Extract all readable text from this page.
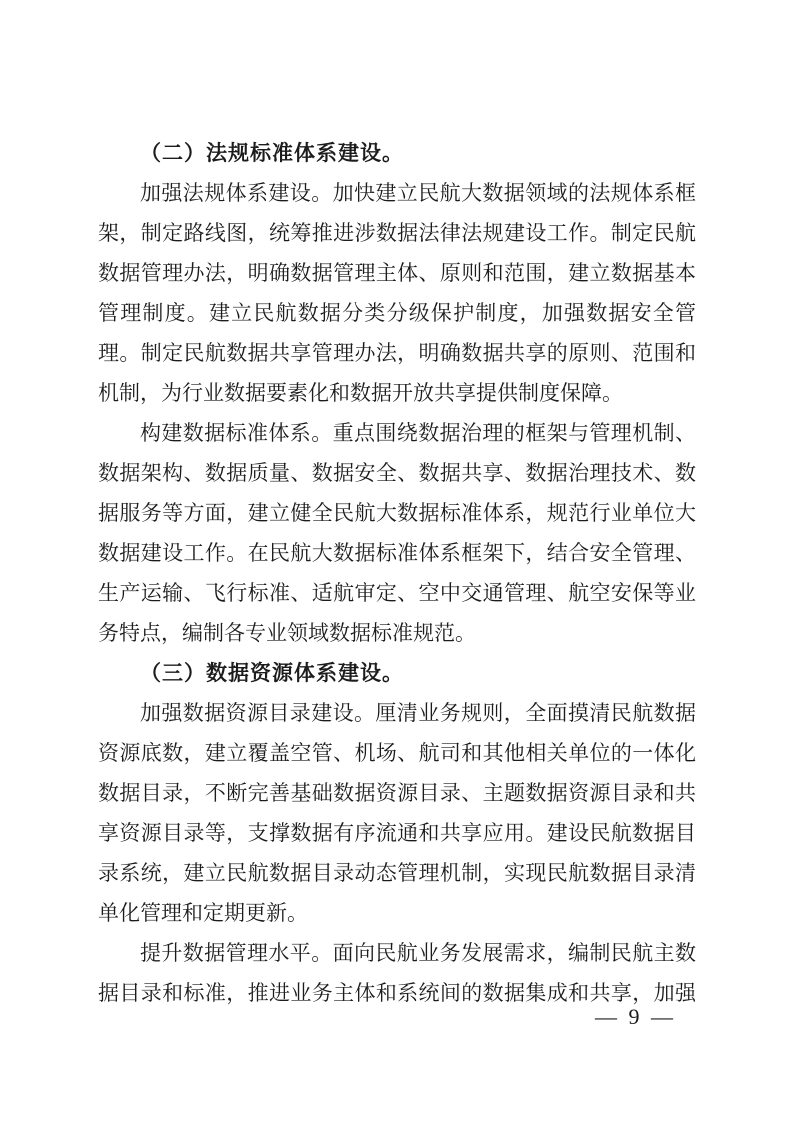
（二）法规标准体系建设。
加强法规体系建设。加快建立民航大数据领域的法规体系框
架，制定路线图，统筹推进涉数据法律法规建设工作。制定民航
数据管理办法，明确数据管理主体、原则和范围，建立数据基本
管理制度。建立民航数据分类分级保护制度，加强数据安全管
理。制定民航数据共享管理办法，明确数据共享的原则、范围和
机制，为行业数据要素化和数据开放共享提供制度保障。
构建数据标准体系。重点围绕数据治理的框架与管理机制、
数据架构、数据质量、数据安全、数据共享、数据治理技术、数
据服务等方面，建立健全民航大数据标准体系，规范行业单位大
数据建设工作。在民航大数据标准体系框架下，结合安全管理、
生产运输、飞行标准、适航审定、空中交通管理、航空安保等业
务特点，编制各专业领域数据标准规范。
（三）数据资源体系建设。
加强数据资源目录建设。厘清业务规则，全面摸清民航数据
资源底数，建立覆盖空管、机场、航司和其他相关单位的一体化
数据目录，不断完善基础数据资源目录、主题数据资源目录和共
享资源目录等，支撑数据有序流通和共享应用。建设民航数据目
录系统，建立民航数据目录动态管理机制，实现民航数据目录清
单化管理和定期更新。
提升数据管理水平。面向民航业务发展需求，编制民航主数
据目录和标准，推进业务主体和系统间的数据集成和共享，加强
— 9 —
